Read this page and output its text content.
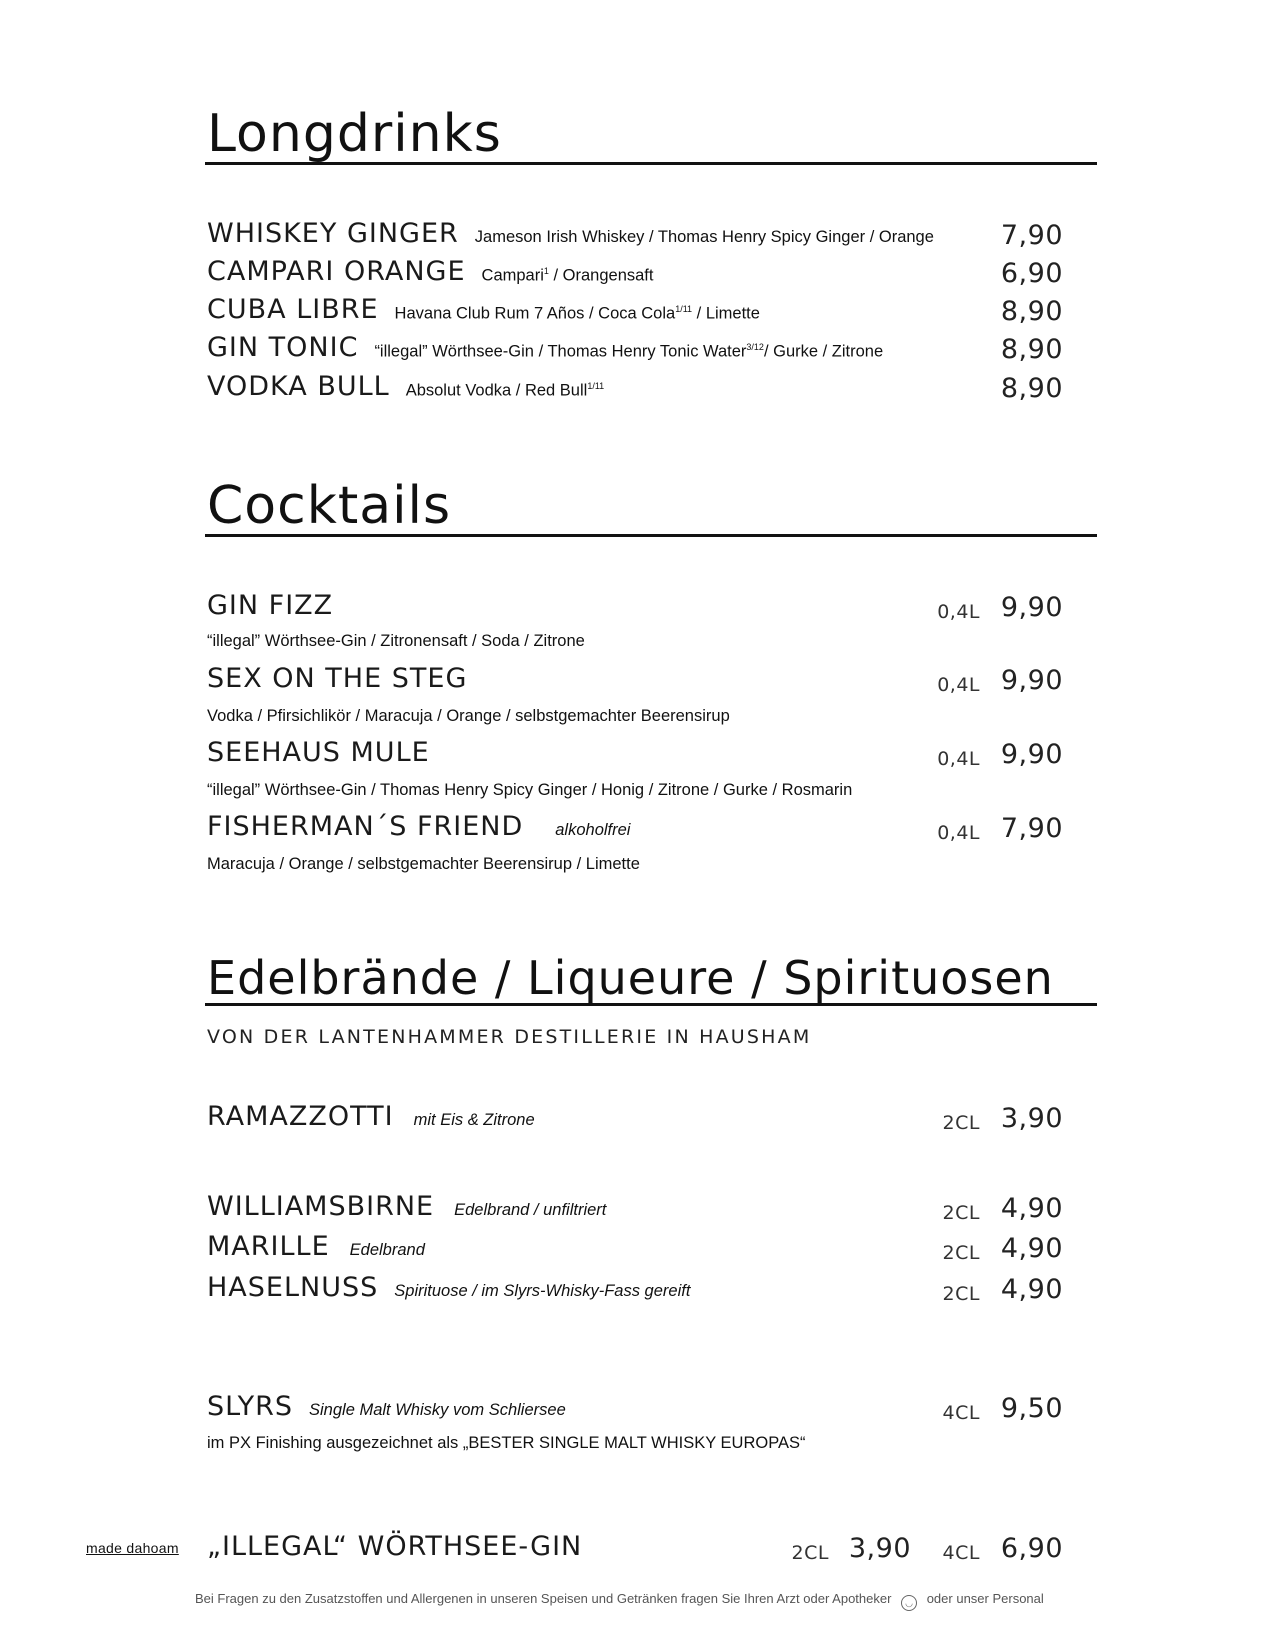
Longdrinks
WHISKEY GINGER Jameson Irish Whiskey / Thomas Henry Spicy Ginger / Orange 7,90
CAMPARI ORANGE Campari$^1$ / Orangensaft	6,90
CUBA LIBRE Havana Club Rum 7 Años / Coca Cola$^{1/11}$ / Limette	8,90
GIN TONIC “illegal” Wörthsee-Gin / Thomas Henry Tonic Water$^{3/12}$/ Gurke / Zitrone	8,90
VODKA BULL Absolut Vodka / Red Bull$^{1/11}$	8,90
Cocktails
GIN FIZZ	0,4L 9,90
“illegal” Wörthsee-Gin / Zitronensaft / Soda / Zitrone
SEX ON THE STEG	0,4L 9,90
Vodka / Pfirsichlikör / Maracuja / Orange / selbstgemachter Beerensirup
SEEHAUS MULE	0,4L 9,90
“illegal” Wörthsee-Gin / Thomas Henry Spicy Ginger / Honig / Zitrone / Gurke / Rosmarin
FISHERMAN´S FRIEND alkoholfrei	0,4L 7,90
Maracuja / Orange / selbstgemachter Beerensirup / Limette
Edelbrände / Liqueure / Spirituosen
VON DER LANTENHAMMER DESTILLERIE IN HAUSHAM
RAMAZZOTTI mit Eis & Zitrone	2CL 3,90
WILLIAMSBIRNE Edelbrand / unfiltriert	2CL 4,90
MARILLE Edelbrand	2CL 4,90
HASELNUSS Spirituose / im Slyrs-Whisky-Fass gereift	2CL 4,90
SLYRS Single Malt Whisky vom Schliersee	4CL 9,50
im PX Finishing ausgezeichnet als „BESTER SINGLE MALT WHISKY EUROPAS“
made dahoam „ILLEGAL“ WÖRTHSEE-GIN	2CL 3,90 4CL 6,90
Bei Fragen zu den Zusatzstoffen und Allergenen in unseren Speisen und Getränken fragen Sie Ihren Arzt oder Apotheker ◡ oder unser Personal
